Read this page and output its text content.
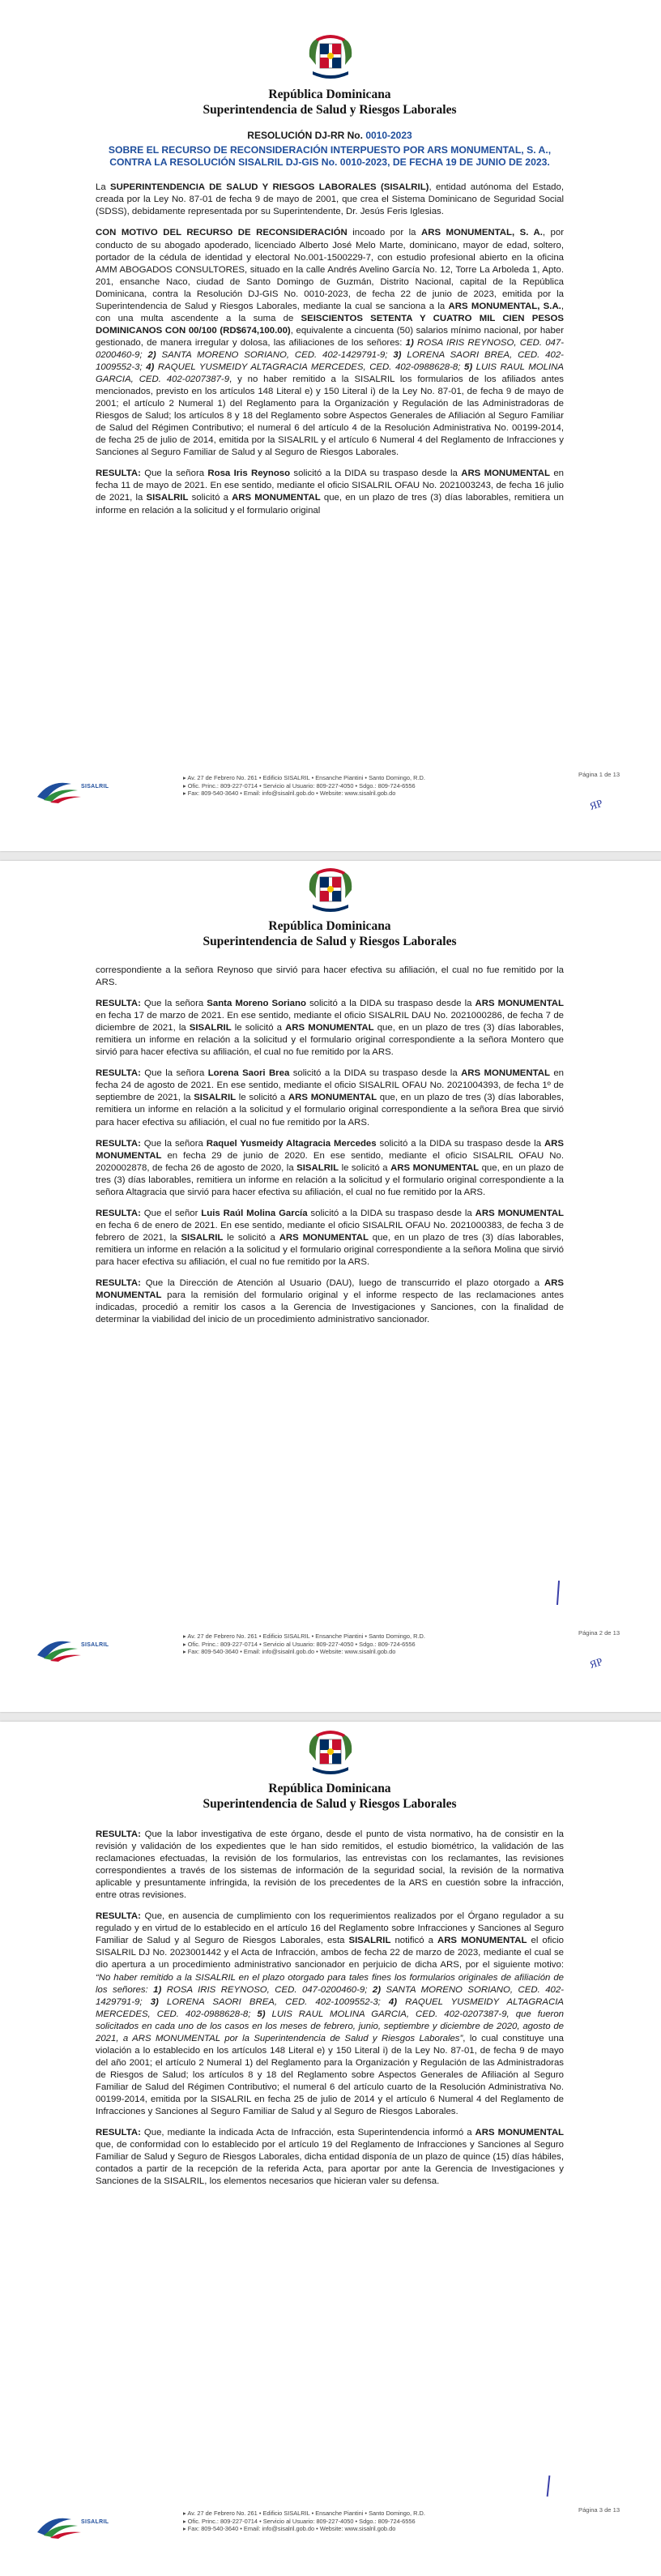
República Dominicana
Superintendencia de Salud y Riesgos Laborales
RESOLUCIÓN DJ-RR No. 0010-2023
SOBRE EL RECURSO DE RECONSIDERACIÓN INTERPUESTO POR ARS MONUMENTAL, S. A., CONTRA LA RESOLUCIÓN SISALRIL DJ-GIS No. 0010-2023, DE FECHA 19 DE JUNIO DE 2023.

La SUPERINTENDENCIA DE SALUD Y RIESGOS LABORALES (SISALRIL), entidad autónoma del Estado, creada por la Ley No. 87-01 de fecha 9 de mayo de 2001, que crea el Sistema Dominicano de Seguridad Social (SDSS), debidamente representada por su Superintendente, Dr. Jesús Feris Iglesias.

CON MOTIVO DEL RECURSO DE RECONSIDERACIÓN incoado por la ARS MONUMENTAL, S. A., por conducto de su abogado apoderado, licenciado Alberto José Melo Marte, dominicano, mayor de edad, soltero, portador de la cédula de identidad y electoral No.001-1500229-7, con estudio profesional abierto en la oficina AMM ABOGADOS CONSULTORES, situado en la calle Andrés Avelino García No. 12, Torre La Arboleda 1, Apto. 201, ensanche Naco, ciudad de Santo Domingo de Guzmán, Distrito Nacional, capital de la República Dominicana, contra la Resolución DJ-GIS No. 0010-2023, de fecha 22 de junio de 2023, emitida por la Superintendencia de Salud y Riesgos Laborales, mediante la cual se sanciona a la ARS MONUMENTAL, S.A., con una multa ascendente a la suma de SEISCIENTOS SETENTA Y CUATRO MIL CIEN PESOS DOMINICANOS CON 00/100 (RD$674,100.00), equivalente a cincuenta (50) salarios mínimo nacional, por haber gestionado, de manera irregular y dolosa, las afiliaciones de los señores: 1) ROSA IRIS REYNOSO, CED. 047-0200460-9; 2) SANTA MORENO SORIANO, CED. 402-1429791-9; 3) LORENA SAORI BREA, CED. 402-1009552-3; 4) RAQUEL YUSMEIDY ALTAGRACIA MERCEDES, CED. 402-0988628-8; 5) LUIS RAUL MOLINA GARCIA, CED. 402-0207387-9, y no haber remitido a la SISALRIL los formularios de los afiliados antes mencionados, previsto en los artículos 148 Literal e) y 150 Literal i) de la Ley No. 87-01, de fecha 9 de mayo de 2001; el artículo 2 Numeral 1) del Reglamento para la Organización y Regulación de las Administradoras de Riesgos de Salud; los artículos 8 y 18 del Reglamento sobre Aspectos Generales de Afiliación al Seguro Familiar de Salud del Régimen Contributivo; el numeral 6 del artículo 4 de la Resolución Administrativa No. 00199-2014, de fecha 25 de julio de 2014, emitida por la SISALRIL y el artículo 6 Numeral 4 del Reglamento de Infracciones y Sanciones al Seguro Familiar de Salud y al Seguro de Riesgos Laborales.

RESULTA: Que la señora Rosa Iris Reynoso solicitó a la DIDA su traspaso desde la ARS MONUMENTAL en fecha 11 de mayo de 2021. En ese sentido, mediante el oficio SISALRIL OFAU No. 2021003243, de fecha 16 julio de 2021, la SISALRIL solicitó a ARS MONUMENTAL que, en un plazo de tres (3) días laborables, remitiera un informe en relación a la solicitud y el formulario original

SISALRIL
▸ Av. 27 de Febrero No. 261 • Edificio SISALRIL • Ensanche Piantini • Santo Domingo, R.D.
▸ Ofic. Princ.: 809-227-0714 • Servicio al Usuario: 809-227-4050 • Sdgo.: 809-724-6556
▸ Fax: 809-540-3640 • Email: info@sisalril.gob.do • Website: www.sisalril.gob.do
Página 1 de 13
ЯP
República Dominicana
Superintendencia de Salud y Riesgos Laborales

correspondiente a la señora Reynoso que sirvió para hacer efectiva su afiliación, el cual no fue remitido por la ARS.

RESULTA: Que la señora Santa Moreno Soriano solicitó a la DIDA su traspaso desde la ARS MONUMENTAL en fecha 17 de marzo de 2021. En ese sentido, mediante el oficio SISALRIL DAU No. 2021000286, de fecha 7 de diciembre de 2021, la SISALRIL le solicitó a ARS MONUMENTAL que, en un plazo de tres (3) días laborables, remitiera un informe en relación a la solicitud y el formulario original correspondiente a la señora Montero que sirvió para hacer efectiva su afiliación, el cual no fue remitido por la ARS.

RESULTA: Que la señora Lorena Saori Brea solicitó a la DIDA su traspaso desde la ARS MONUMENTAL en fecha 24 de agosto de 2021. En ese sentido, mediante el oficio SISALRIL OFAU No. 2021004393, de fecha 1º de septiembre de 2021, la SISALRIL le solicitó a ARS MONUMENTAL que, en un plazo de tres (3) días laborables, remitiera un informe en relación a la solicitud y el formulario original correspondiente a la señora Brea que sirvió para hacer efectiva su afiliación, el cual no fue remitido por la ARS.

RESULTA: Que la señora Raquel Yusmeidy Altagracia Mercedes solicitó a la DIDA su traspaso desde la ARS MONUMENTAL en fecha 29 de junio de 2020. En ese sentido, mediante el oficio SISALRIL OFAU No. 2020002878, de fecha 26 de agosto de 2020, la SISALRIL le solicitó a ARS MONUMENTAL que, en un plazo de tres (3) días laborables, remitiera un informe en relación a la solicitud y el formulario original correspondiente a la señora Altagracia que sirvió para hacer efectiva su afiliación, el cual no fue remitido por la ARS.

RESULTA: Que el señor Luis Raúl Molina García solicitó a la DIDA su traspaso desde la ARS MONUMENTAL en fecha 6 de enero de 2021. En ese sentido, mediante el oficio SISALRIL OFAU No. 2021000383, de fecha 3 de febrero de 2021, la SISALRIL le solicitó a ARS MONUMENTAL que, en un plazo de tres (3) días laborables, remitiera un informe en relación a la solicitud y el formulario original correspondiente a la señora Molina que sirvió para hacer efectiva su afiliación, el cual no fue remitido por la ARS.

RESULTA: Que la Dirección de Atención al Usuario (DAU), luego de transcurrido el plazo otorgado a ARS MONUMENTAL para la remisión del formulario original y el informe respecto de las reclamaciones antes indicadas, procedió a remitir los casos a la Gerencia de Investigaciones y Sanciones, con la finalidad de determinar la viabilidad del inicio de un procedimiento administrativo sancionador.

SISALRIL
▸ Av. 27 de Febrero No. 261 • Edificio SISALRIL • Ensanche Piantini • Santo Domingo, R.D.
▸ Ofic. Princ.: 809-227-0714 • Servicio al Usuario: 809-227-4050 • Sdgo.: 809-724-6556
▸ Fax: 809-540-3640 • Email: info@sisalril.gob.do • Website: www.sisalril.gob.do
Página 2 de 13
ЯP
República Dominicana
Superintendencia de Salud y Riesgos Laborales

RESULTA: Que la labor investigativa de este órgano, desde el punto de vista normativo, ha de consistir en la revisión y validación de los expedientes que le han sido remitidos, el estudio biométrico, la validación de las reclamaciones efectuadas, la revisión de los formularios, las entrevistas con los reclamantes, las revisiones correspondientes a través de los sistemas de información de la seguridad social, la revisión de la normativa aplicable y presuntamente infringida, la revisión de los precedentes de la ARS en cuestión sobre la infracción, entre otras revisiones.

RESULTA: Que, en ausencia de cumplimiento con los requerimientos realizados por el Órgano regulador a su regulado y en virtud de lo establecido en el artículo 16 del Reglamento sobre Infracciones y Sanciones al Seguro Familiar de Salud y al Seguro de Riesgos Laborales, esta SISALRIL notificó a ARS MONUMENTAL el oficio SISALRIL DJ No. 2023001442 y el Acta de Infracción, ambos de fecha 22 de marzo de 2023, mediante el cual se dio apertura a un procedimiento administrativo sancionador en perjuicio de dicha ARS, por el siguiente motivo: “No haber remitido a la SISALRIL en el plazo otorgado para tales fines los formularios originales de afiliación de los señores: 1) ROSA IRIS REYNOSO, CED. 047-0200460-9; 2) SANTA MORENO SORIANO, CED. 402-1429791-9; 3) LORENA SAORI BREA, CED. 402-1009552-3; 4) RAQUEL YUSMEIDY ALTAGRACIA MERCEDES, CED. 402-0988628-8; 5) LUIS RAUL MOLINA GARCIA, CED. 402-0207387-9, que fueron solicitados en cada uno de los casos en los meses de febrero, junio, septiembre y diciembre de 2020, agosto de 2021, a ARS MONUMENTAL por la Superintendencia de Salud y Riesgos Laborales”, lo cual constituye una violación a lo establecido en los artículos 148 Literal e) y 150 Literal i) de la Ley No. 87-01, de fecha 9 de mayo del año 2001; el artículo 2 Numeral 1) del Reglamento para la Organización y Regulación de las Administradoras de Riesgos de Salud; los artículos 8 y 18 del Reglamento sobre Aspectos Generales de Afiliación al Seguro Familiar de Salud del Régimen Contributivo; el numeral 6 del artículo cuarto de la Resolución Administrativa No. 00199-2014, emitida por la SISALRIL en fecha 25 de julio de 2014 y el artículo 6 Numeral 4 del Reglamento de Infracciones y Sanciones al Seguro Familiar de Salud y al Seguro de Riesgos Laborales.

RESULTA: Que, mediante la indicada Acta de Infracción, esta Superintendencia informó a ARS MONUMENTAL que, de conformidad con lo establecido por el artículo 19 del Reglamento de Infracciones y Sanciones al Seguro Familiar de Salud y Seguro de Riesgos Laborales, dicha entidad disponía de un plazo de quince (15) días hábiles, contados a partir de la recepción de la referida Acta, para aportar por ante la Gerencia de Investigaciones y Sanciones de la SISALRIL, los elementos necesarios que hicieran valer su defensa.

SISALRIL
▸ Av. 27 de Febrero No. 261 • Edificio SISALRIL • Ensanche Piantini • Santo Domingo, R.D.
▸ Ofic. Princ.: 809-227-0714 • Servicio al Usuario: 809-227-4050 • Sdgo.: 809-724-6556
▸ Fax: 809-540-3640 • Email: info@sisalril.gob.do • Website: www.sisalril.gob.do
Página 3 de 13
